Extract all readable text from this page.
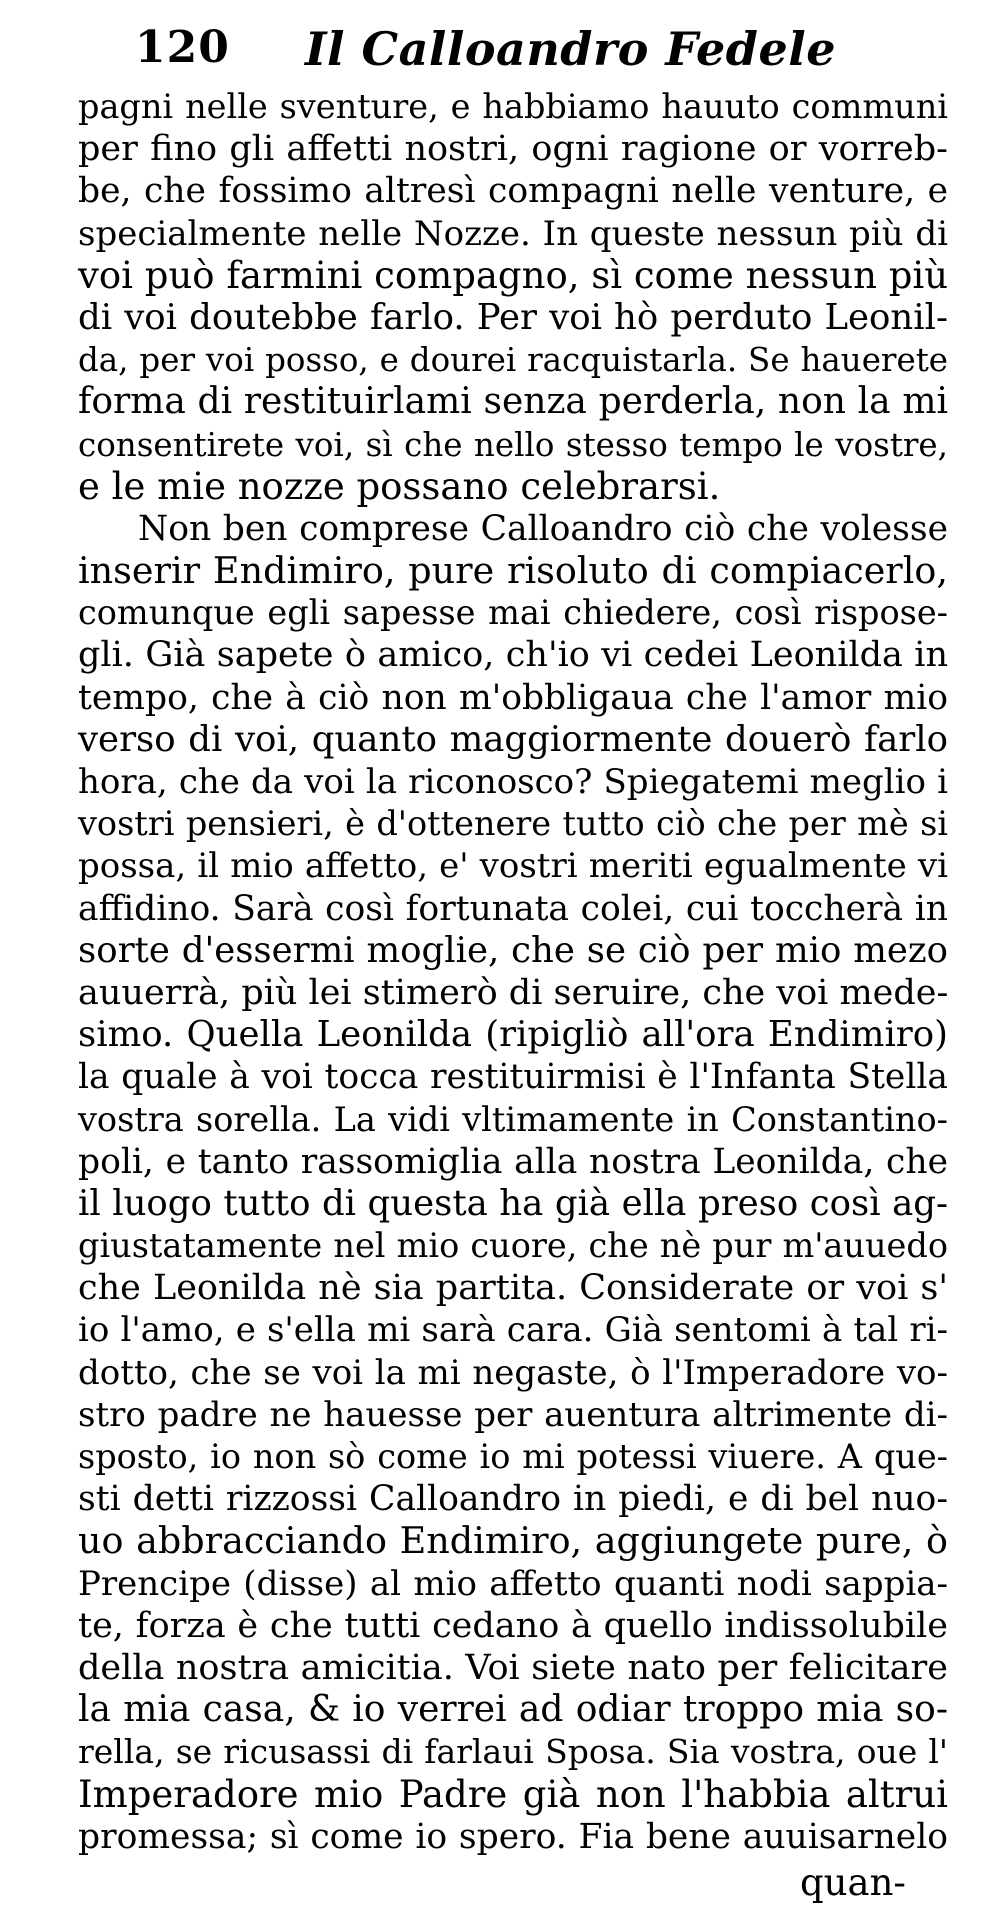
120 Il Calloandro Fedele
pagni nelle sventure, e habbiamo hauuto communi
per fino gli affetti nostri, ogni ragione or vorreb-
be, che fossimo altresì compagni nelle venture, e
specialmente nelle Nozze. In queste nessun più di
voi può farmini compagno, sì come nessun più
di voi doutebbe farlo. Per voi hò perduto Leonil-
da, per voi posso, e dourei racquistarla. Se hauerete
forma di restituirlami senza perderla, non la mi
consentirete voi, sì che nello stesso tempo le vostre,
e le mie nozze possano celebrarsi.
Non ben comprese Calloandro ciò che volesse
inserir Endimiro, pure risoluto di compiacerlo,
comunque egli sapesse mai chiedere, così rispose-
gli. Già sapete ò amico, ch'io vi cedei Leonilda in
tempo, che à ciò non m'obbligaua che l'amor mio
verso di voi, quanto maggiormente douerò farlo
hora, che da voi la riconosco? Spiegatemi meglio i
vostri pensieri, è d'ottenere tutto ciò che per mè si
possa, il mio affetto, e' vostri meriti egualmente vi
affidino. Sarà così fortunata colei, cui toccherà in
sorte d'essermi moglie, che se ciò per mio mezo
auuerrà, più lei stimerò di seruire, che voi mede-
simo. Quella Leonilda (ripigliò all'ora Endimiro)
la quale à voi tocca restituirmisi è l'Infanta Stella
vostra sorella. La vidi vltimamente in Constantino-
poli, e tanto rassomiglia alla nostra Leonilda, che
il luogo tutto di questa ha già ella preso così ag-
giustatamente nel mio cuore, che nè pur m'auuedo
che Leonilda nè sia partita. Considerate or voi s'
io l'amo, e s'ella mi sarà cara. Già sentomi à tal ri-
dotto, che se voi la mi negaste, ò l'Imperadore vo-
stro padre ne hauesse per auentura altrimente di-
sposto, io non sò come io mi potessi viuere. A que-
sti detti rizzossi Calloandro in piedi, e di bel nuo-
uo abbracciando Endimiro, aggiungete pure, ò
Prencipe (disse) al mio affetto quanti nodi sappia-
te, forza è che tutti cedano à quello indissolubile
della nostra amicitia. Voi siete nato per felicitare
la mia casa, & io verrei ad odiar troppo mia so-
rella, se ricusassi di farlaui Sposa. Sia vostra, oue l'
Imperadore mio Padre già non l'habbia altrui
promessa; sì come io spero. Fia bene auuisarnelo
quan-
